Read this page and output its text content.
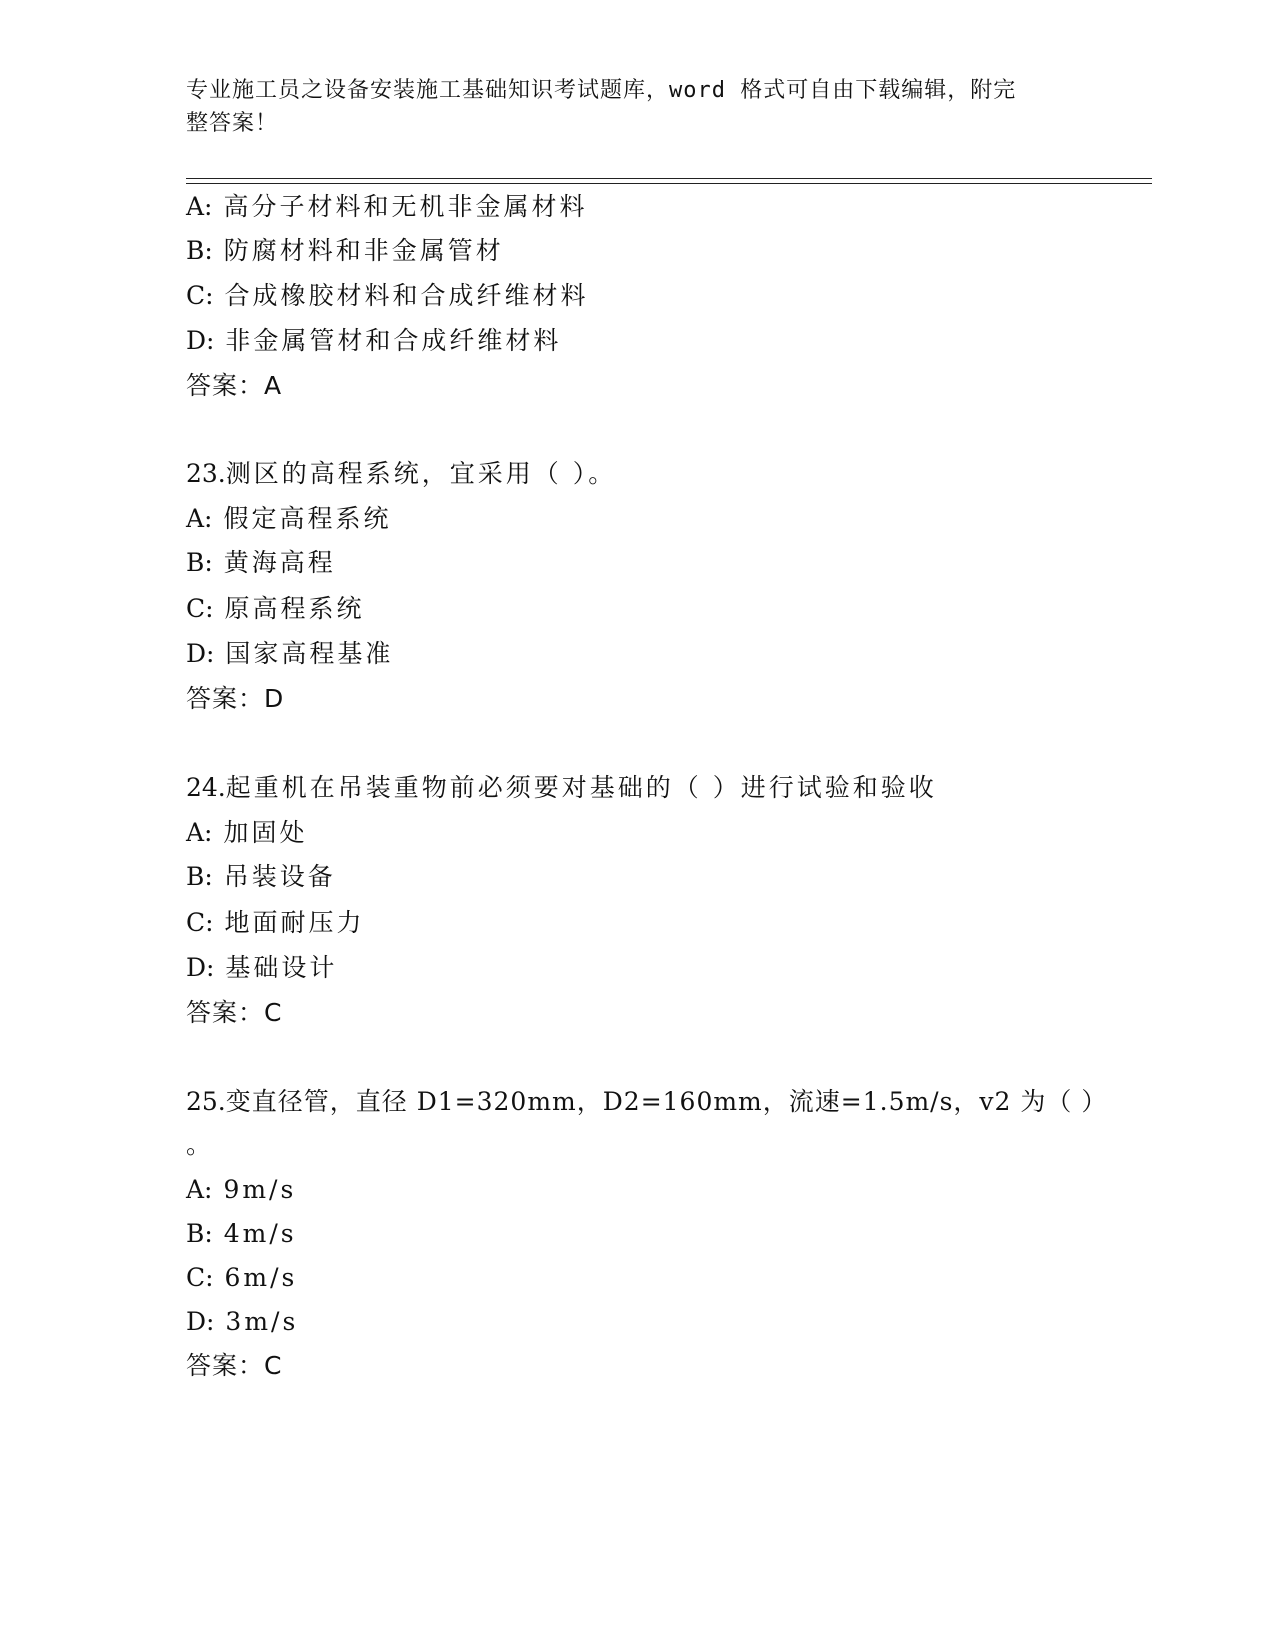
专业施工员之设备安装施工基础知识考试题库，word 格式可自由下载编辑，附完
整答案！
A: 高分子材料和无机非金属材料
B: 防腐材料和非金属管材
C: 合成橡胶材料和合成纤维材料
D: 非金属管材和合成纤维材料
答案：A
23.测区的高程系统，宜采用（ ）。
A: 假定高程系统
B: 黄海高程
C: 原高程系统
D: 国家高程基准
答案：D
24.起重机在吊装重物前必须要对基础的（ ）进行试验和验收
A: 加固处
B: 吊装设备
C: 地面耐压力
D: 基础设计
答案：C
25.变直径管，直径 D1=320mm，D2=160mm，流速=1.5m/s，v2 为（ ）
。
A: 9m/s
B: 4m/s
C: 6m/s
D: 3m/s
答案：C
